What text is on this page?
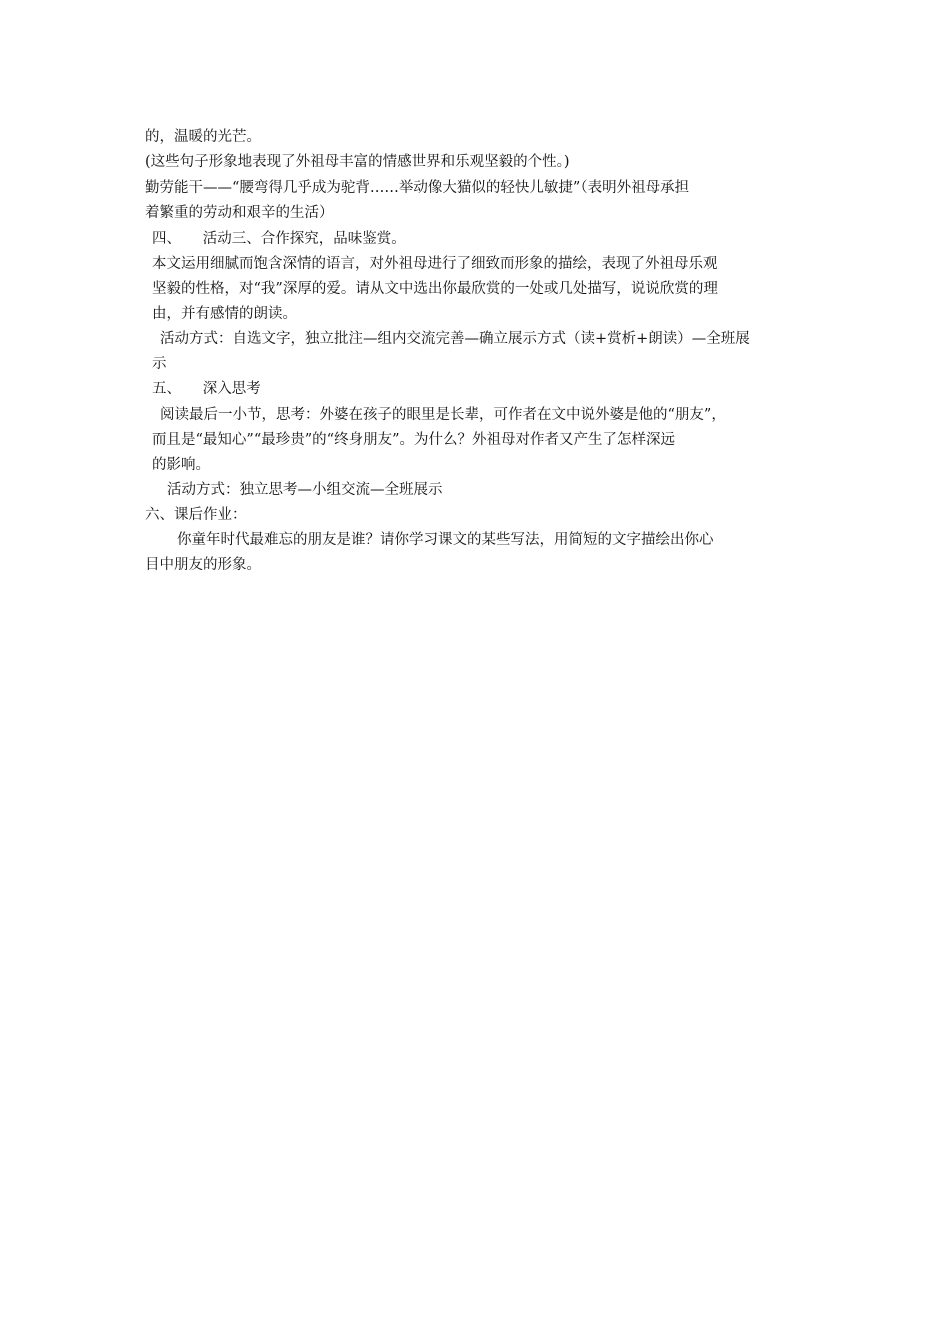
的，温暖的光芒。
(这些句子形象地表现了外祖母丰富的情感世界和乐观坚毅的个性。)
勤劳能干——“腰弯得几乎成为驼背……举动像大猫似的轻快儿敏捷”（表明外祖母承担
着繁重的劳动和艰辛的生活）
四、　　活动三、合作探究，品味鉴赏。
本文运用细腻而饱含深情的语言，对外祖母进行了细致而形象的描绘，表现了外祖母乐观
坚毅的性格，对“我”深厚的爱。请从文中选出你最欣赏的一处或几处描写，说说欣赏的理
由，并有感情的朗读。
活动方式：自选文字，独立批注—组内交流完善—确立展示方式（读+赏析+朗读）—全班展
示
五、　　深入思考
阅读最后一小节，思考：外婆在孩子的眼里是长辈，可作者在文中说外婆是他的“朋友”，
而且是“最知心”“最珍贵”的“终身朋友”。为什么？外祖母对作者又产生了怎样深远
的影响。
活动方式：独立思考—小组交流—全班展示
六、课后作业：
你童年时代最难忘的朋友是谁？请你学习课文的某些写法，用简短的文字描绘出你心
目中朋友的形象。
